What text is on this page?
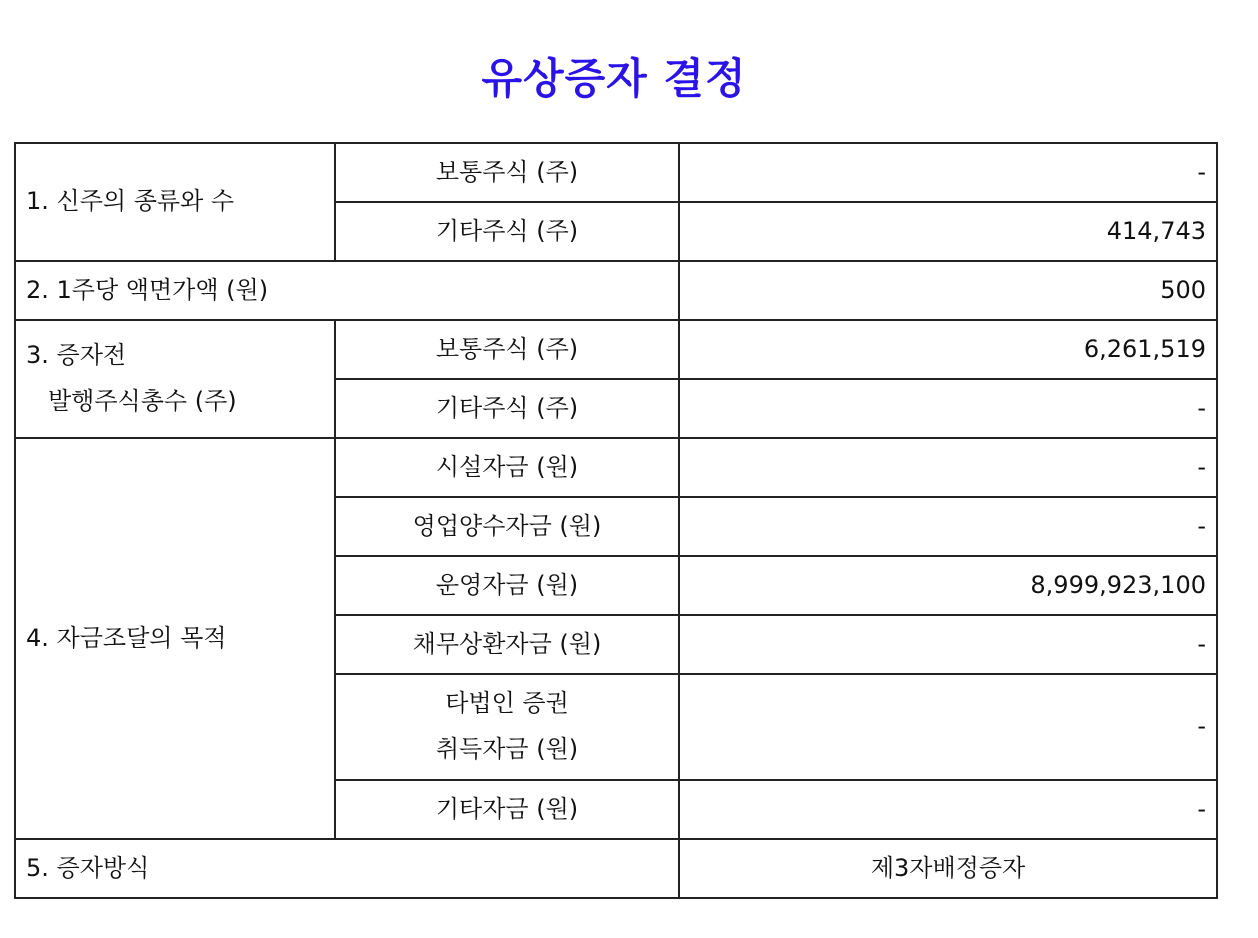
유상증자 결정
1. 신주의 종류와 수	보통주식 (주)	-
	기타주식 (주)	414,743
2. 1주당 액면가액 (원)		500

3. 증자전
발행주식총수 (주)	보통주식 (주)	6,261,519
	기타주식 (주)	-
4. 자금조달의 목적	시설자금 (원)	-
	영업양수자금 (원)	-
	운영자금 (원)	8,999,923,100
	채무상환자금 (원)	-

	타법인 증권
취득자금 (원)	-
	기타자금 (원)	-
5. 증자방식		제3자배정증자
